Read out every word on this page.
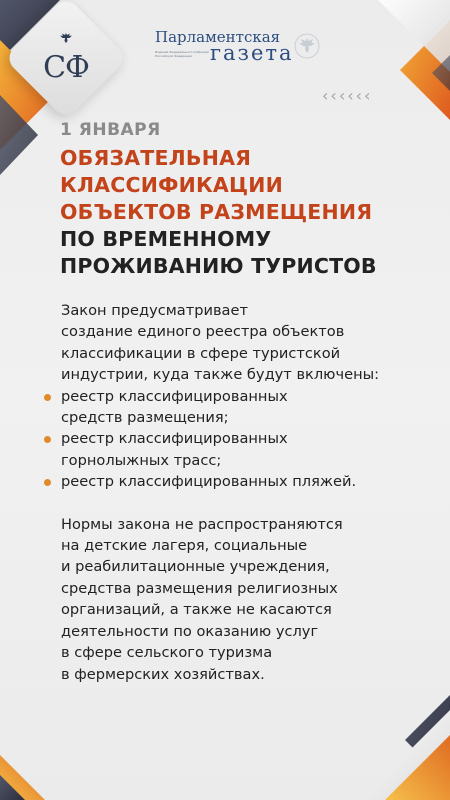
СФ
Парламентская
Издание Федерального Собрания Российской Федерации газета
‹ ‹ ‹ ‹ ‹ ‹
1 ЯНВАРЯ
ОБЯЗАТЕЛЬНАЯ
КЛАССИФИКАЦИИ
ОБЪЕКТОВ РАЗМЕЩЕНИЯ
ПО ВРЕМЕННОМУ
ПРОЖИВАНИЮ ТУРИСТОВ

Закон предусматривает
создание единого реестра объектов
классификации в сфере туристской
индустрии, куда также будут включены:

реестр классифицированных
средств размещения;
реестр классифицированных
горнолыжных трасс;
реестр классифицированных пляжей.

Нормы закона не распространяются
на детские лагеря, социальные
и реабилитационные учреждения,
средства размещения религиозных
организаций, а также не касаются
деятельности по оказанию услуг
в сфере сельского туризма
в фермерских хозяйствах.
